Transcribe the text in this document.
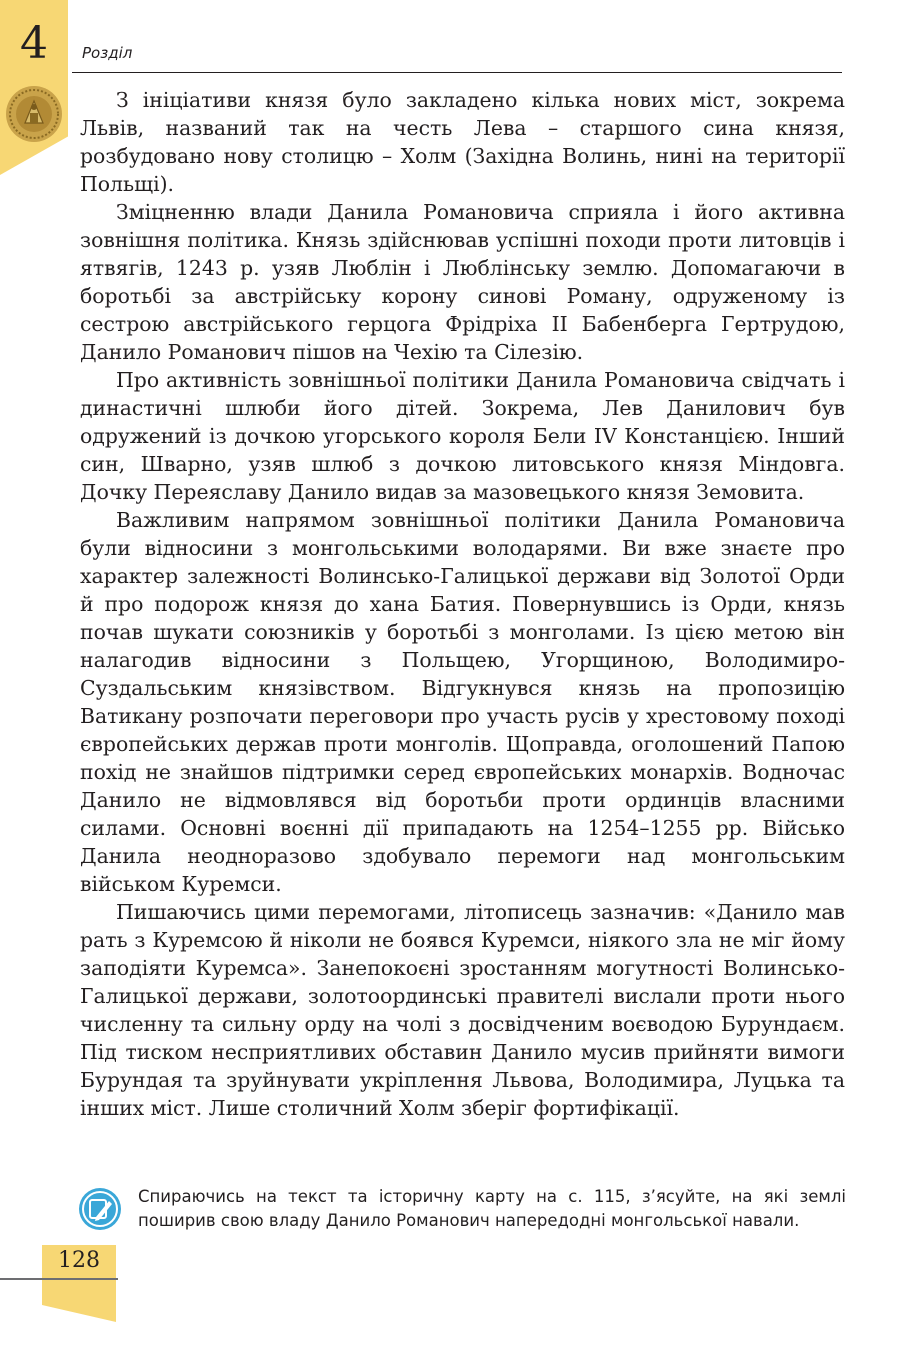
4	Розділ

З ініціативи князя було закладено кілька нових міст, зокрема Львів, названий так на честь Лева – старшого сина князя, розбудовано нову столицю – Холм (Західна Волинь, нині на території Польщі).

Зміцненню влади Данила Романовича сприяла і його активна зовнішня політика. Князь здійснював успішні походи проти литовців і ятвягів, 1243 р. узяв Люблін і Люблінську землю. Допомагаючи в боротьбі за австрійську корону синові Роману, одруженому із сестрою австрійського герцога Фрідріха II Бабенберга Гертрудою, Данило Романович пішов на Чехію та Сілезію.

Про активність зовнішньої політики Данила Романовича свідчать і династичні шлюби його дітей. Зокрема, Лев Данилович був одружений із дочкою угорського короля Бели IV Констанцією. Інший син, Шварно, узяв шлюб з дочкою литовського князя Міндовга. Дочку Переяславу Данило видав за мазовецького князя Земовита.

Важливим напрямом зовнішньої політики Данила Романовича були відносини з монгольськими володарями. Ви вже знаєте про характер залежності Волинсько-Галицької держави від Золотої Орди й про подорож князя до хана Батия. Повернувшись із Орди, князь почав шукати союзників у боротьбі з монголами. Із цією метою він налагодив відносини з Польщею, Угорщиною, Володимиро-Суздальським князівством. Відгукнувся князь на пропозицію Ватикану розпочати переговори про участь русів у хрестовому поході європейських держав проти монголів. Щоправда, оголошений Папою похід не знайшов підтримки серед європейських монархів. Водночас Данило не відмовлявся від боротьби проти ординців власними силами. Основні воєнні дії припадають на 1254–1255 рр. Військо Данила неодноразово здобувало перемоги над монгольським військом Куремси.

Пишаючись цими перемогами, літописець зазначив: «Данило мав рать з Куремсою й ніколи не боявся Куремси, ніякого зла не міг йому заподіяти Куремса». Занепокоєні зростанням могутності Волинсько-Галицької держави, золотоординські правителі вислали проти нього численну та сильну орду на чолі з досвідченим воєводою Бурундаєм. Під тиском несприятливих обставин Данило мусив прийняти вимоги Бурундая та зруйнувати укріплення Львова, Володимира, Луцька та інших міст. Лише столичний Холм зберіг фортифікації.

Спираючись на текст та історичну карту на с. 115, з’ясуйте, на які землі поширив свою владу Данило Романович напередодні монгольської навали.
128
